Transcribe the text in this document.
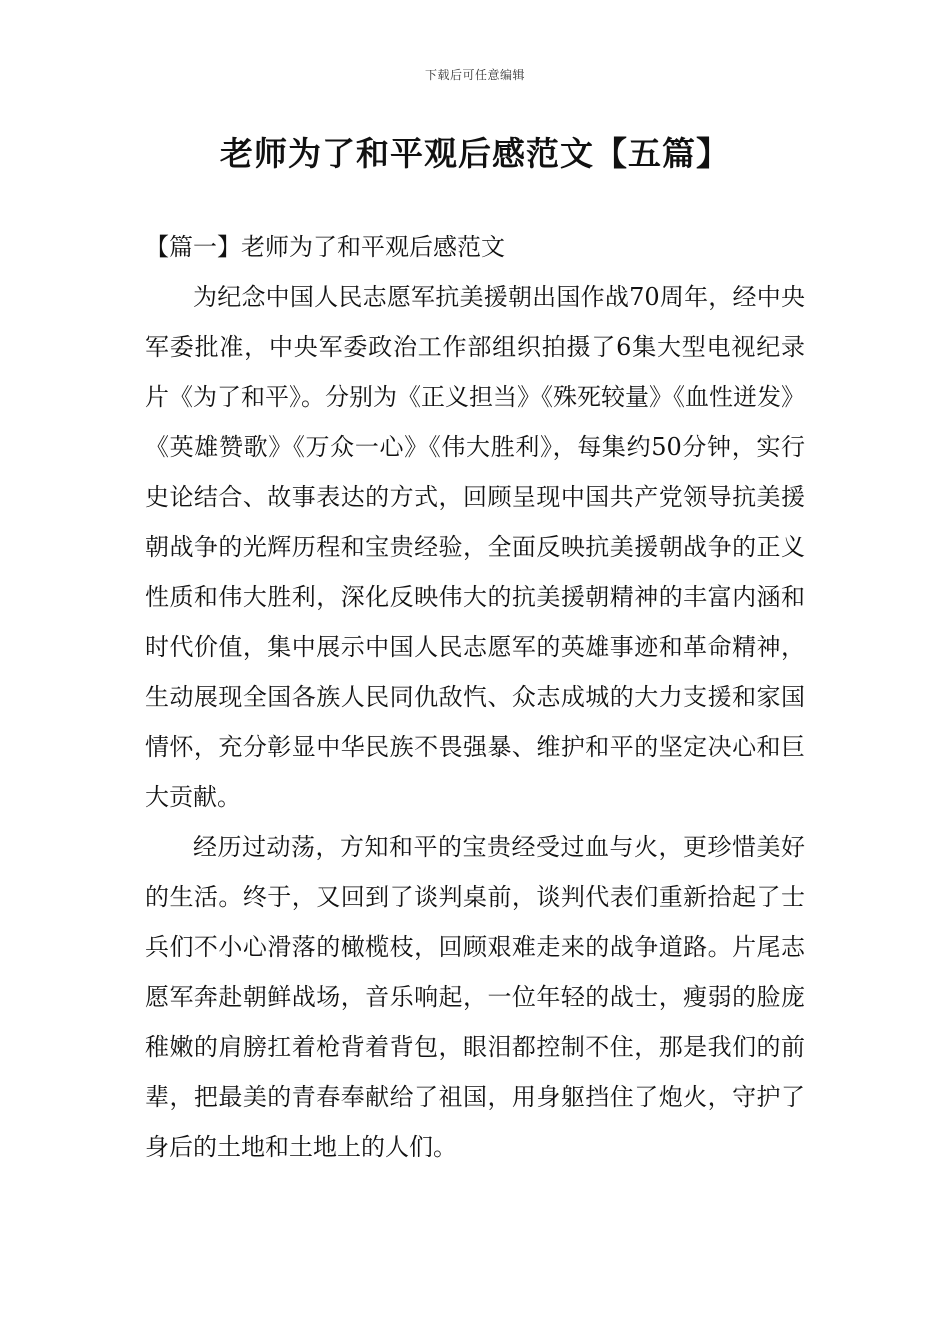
下载后可任意编辑
老师为了和平观后感范文【五篇】

【篇一】老师为了和平观后感范文

为纪念中国人民志愿军抗美援朝出国作战70周年，经中央军委批准，中央军委政治工作部组织拍摄了6集大型电视纪录片《为了和平》。分别为《正义担当》《殊死较量》《血性迸发》《英雄赞歌》《万众一心》《伟大胜利》，每集约50分钟，实行史论结合、故事表达的方式，回顾呈现中国共产党领导抗美援朝战争的光辉历程和宝贵经验，全面反映抗美援朝战争的正义性质和伟大胜利，深化反映伟大的抗美援朝精神的丰富内涵和时代价值，集中展示中国人民志愿军的英雄事迹和革命精神，生动展现全国各族人民同仇敌忾、众志成城的大力支援和家国情怀，充分彰显中华民族不畏强暴、维护和平的坚定决心和巨大贡献。

经历过动荡，方知和平的宝贵经受过血与火，更珍惜美好的生活。终于，又回到了谈判桌前，谈判代表们重新拾起了士兵们不小心滑落的橄榄枝，回顾艰难走来的战争道路。片尾志愿军奔赴朝鲜战场，音乐响起，一位年轻的战士，瘦弱的脸庞稚嫩的肩膀扛着枪背着背包，眼泪都控制不住，那是我们的前辈，把最美的青春奉献给了祖国，用身躯挡住了炮火，守护了身后的土地和土地上的人们。
